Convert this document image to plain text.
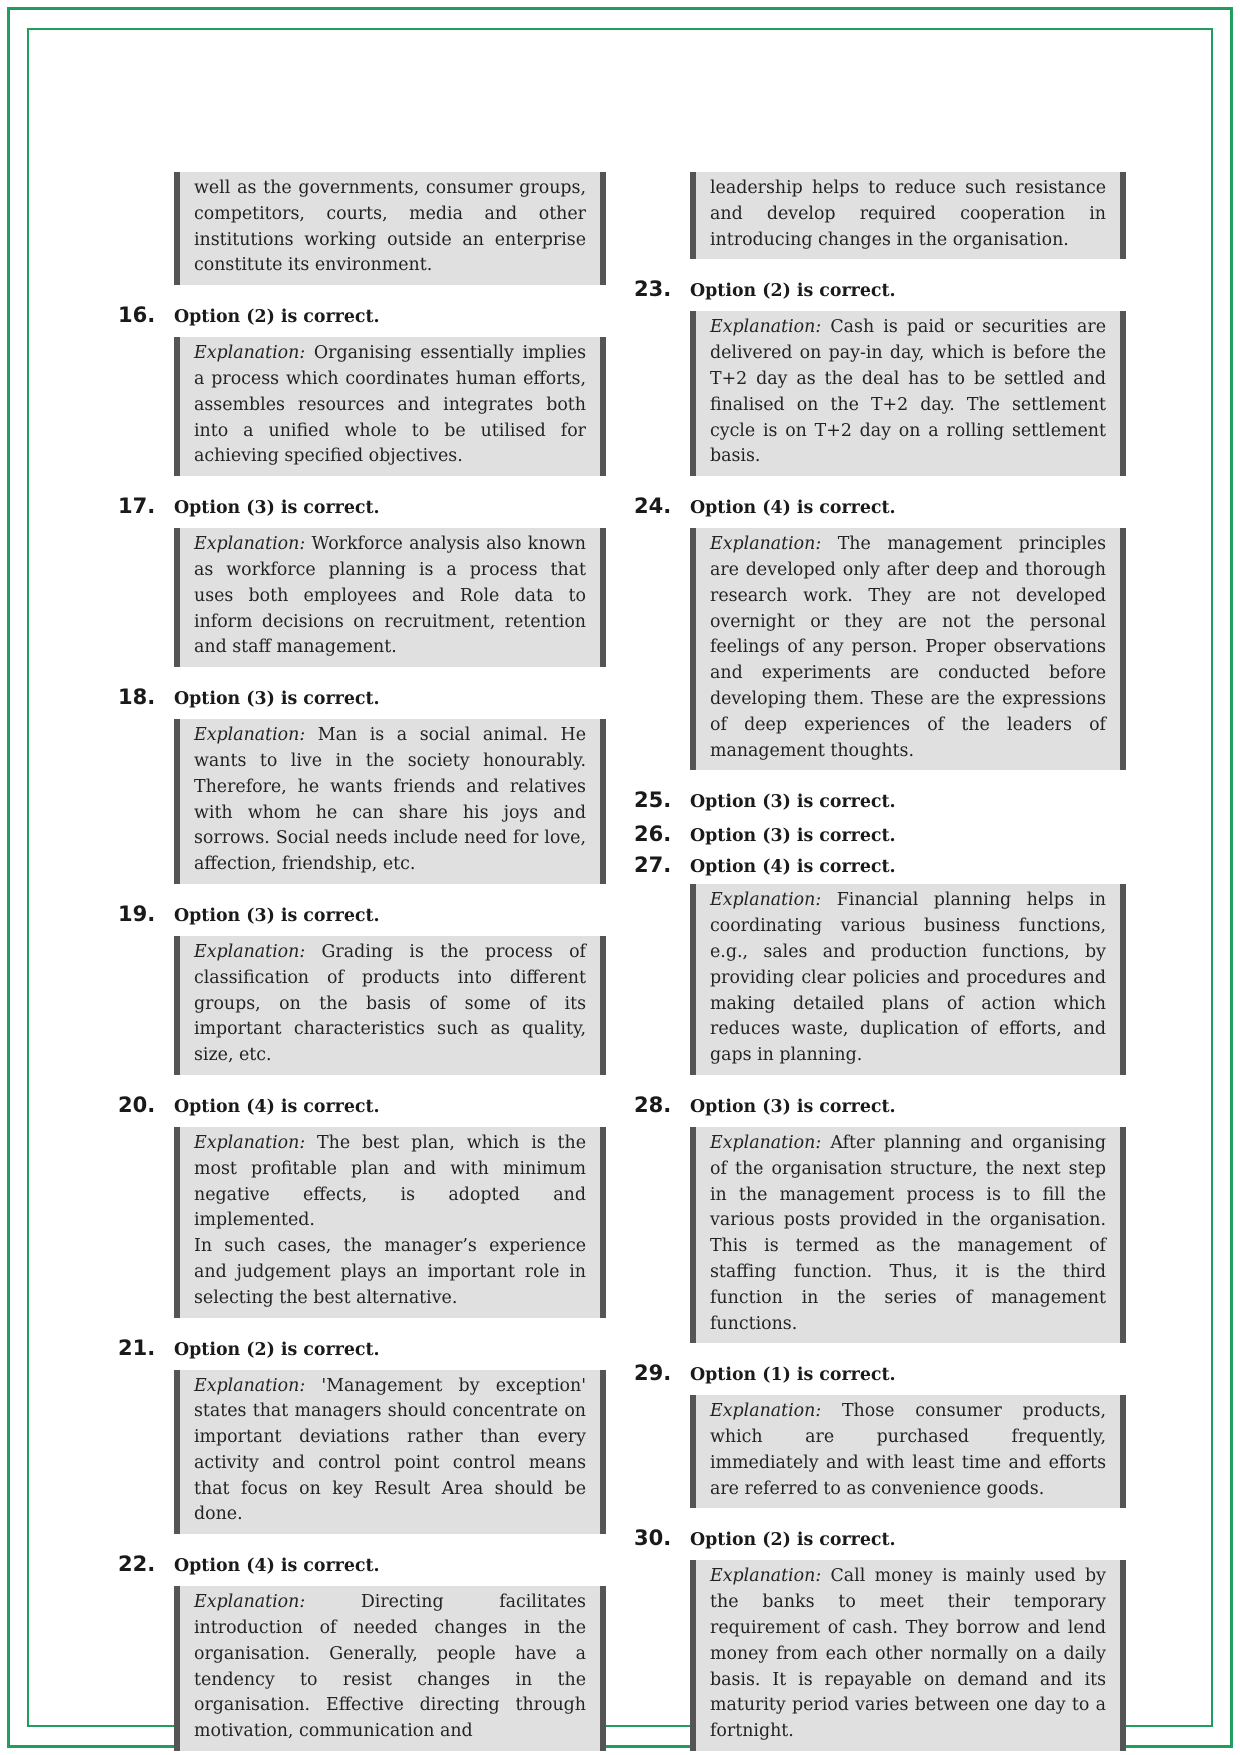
well as the governments, consumer groups, competitors, courts, media and other institutions working outside an enterprise constitute its environment.

16.	Option (2) is correct.

Explanation: Organising essentially implies a process which coordinates human efforts, assembles resources and integrates both into a unified whole to be utilised for achieving specified objectives.

17.	Option (3) is correct.

Explanation: Workforce analysis also known as workforce planning is a process that uses both employees and Role data to inform decisions on recruitment, retention and staff management.

18.	Option (3) is correct.

Explanation: Man is a social animal. He wants to live in the society honourably. Therefore, he wants friends and relatives with whom he can share his joys and sorrows. Social needs include need for love, affection, friendship, etc.

19.	Option (3) is correct.

Explanation: Grading is the process of classification of products into different groups, on the basis of some of its important characteristics such as quality, size, etc.

20.	Option (4) is correct.

Explanation: The best plan, which is the most profitable plan and with minimum negative effects, is adopted and implemented.

In such cases, the manager’s experience and judgement plays an important role in selecting the best alternative.

21.	Option (2) is correct.

Explanation: 'Management by exception' states that managers should concentrate on important deviations rather than every activity and control point control means that focus on key Result Area should be done.

22.	Option (4) is correct.

Explanation: Directing facilitates introduction of needed changes in the organisation. Generally, people have a tendency to resist changes in the organisation. Effective directing through motivation, communication and

leadership helps to reduce such resistance and develop required cooperation in introducing changes in the organisation.

23.	Option (2) is correct.

Explanation: Cash is paid or securities are delivered on pay-in day, which is before the T+2 day as the deal has to be settled and finalised on the T+2 day. The settlement cycle is on T+2 day on a rolling settlement basis.

24.	Option (4) is correct.

Explanation: The management principles are developed only after deep and thorough research work. They are not developed overnight or they are not the personal feelings of any person. Proper observations and experiments are conducted before developing them. These are the expressions of deep experiences of the leaders of management thoughts.

25.	Option (3) is correct.
26.	Option (3) is correct.
27.	Option (4) is correct.

Explanation: Financial planning helps in coordinating various business functions, e.g., sales and production functions, by providing clear policies and procedures and making detailed plans of action which reduces waste, duplication of efforts, and gaps in planning.

28.	Option (3) is correct.

Explanation: After planning and organising of the organisation structure, the next step in the management process is to fill the various posts provided in the organisation. This is termed as the management of staffing function. Thus, it is the third function in the series of management functions.

29.	Option (1) is correct.

Explanation: Those consumer products, which are purchased frequently, immediately and with least time and efforts are referred to as convenience goods.

30.	Option (2) is correct.

Explanation: Call money is mainly used by the banks to meet their temporary requirement of cash. They borrow and lend money from each other normally on a daily basis. It is repayable on demand and its maturity period varies between one day to a fortnight.
